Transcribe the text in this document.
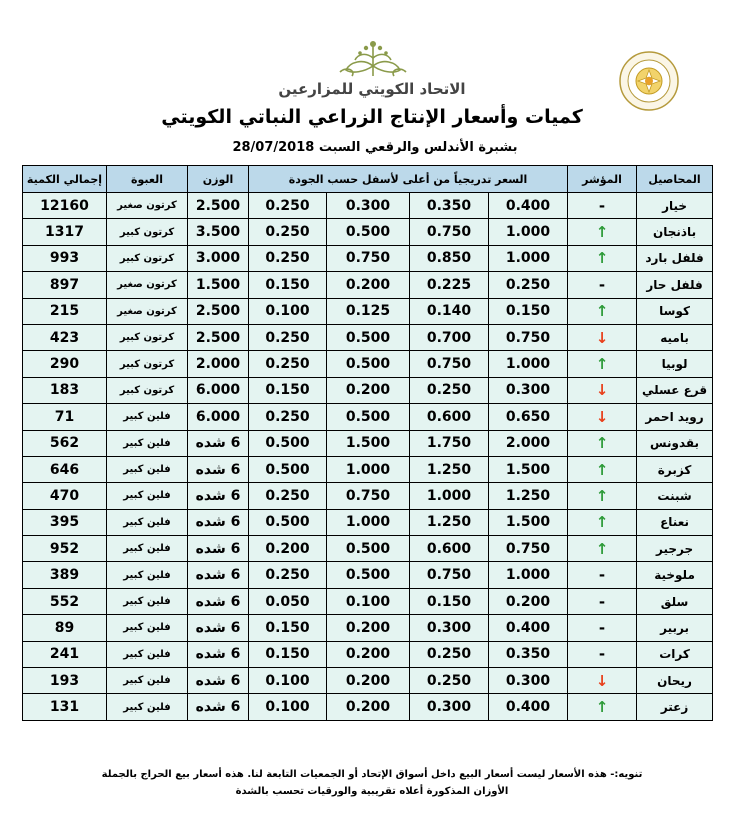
الاتحاد الكويتي للمزارعين
كميات وأسعار الإنتاج الزراعي النباتي الكويتي
28/07/2018 بشبرة الأندلس والرقعي السبت
إجمالي الكمية	العبوة	الوزن	السعر تدريجياً من أعلى لأسفل حسب الجودة				المؤشر	المحاصيل
12160	كرتون صغير	2.500	0.250	0.300	0.350	0.400	-	خيار
1317	كرتون كبير	3.500	0.250	0.500	0.750	1.000	↑	باذنجان
993	كرتون كبير	3.000	0.250	0.750	0.850	1.000	↑	فلفل بارد
897	كرتون صغير	1.500	0.150	0.200	0.225	0.250	-	فلفل حار
215	كرتون صغير	2.500	0.100	0.125	0.140	0.150	↑	كوسا
423	كرتون كبير	2.500	0.250	0.500	0.700	0.750	↓	باميه
290	كرتون كبير	2.000	0.250	0.500	0.750	1.000	↑	لوبيا
183	كرتون كبير	6.000	0.150	0.200	0.250	0.300	↓	قرع عسلي
71	فلين كبير	6.000	0.250	0.500	0.600	0.650	↓	رويد احمر
562	فلين كبير	6 شده	0.500	1.500	1.750	2.000	↑	بقدونس
646	فلين كبير	6 شده	0.500	1.000	1.250	1.500	↑	كزبرة
470	فلين كبير	6 شده	0.250	0.750	1.000	1.250	↑	شبنت
395	فلين كبير	6 شده	0.500	1.000	1.250	1.500	↑	نعناع
952	فلين كبير	6 شده	0.200	0.500	0.600	0.750	↑	جرجير
389	فلين كبير	6 شده	0.250	0.500	0.750	1.000	-	ملوخية
552	فلين كبير	6 شده	0.050	0.100	0.150	0.200	-	سلق
89	فلين كبير	6 شده	0.150	0.200	0.300	0.400	-	بربير
241	فلين كبير	6 شده	0.150	0.200	0.250	0.350	-	كرات
193	فلين كبير	6 شده	0.100	0.200	0.250	0.300	↓	ريحان
131	فلين كبير	6 شده	0.100	0.200	0.300	0.400	↑	زعتر
تنويه:- هذه الأسعار ليست أسعار البيع داخل أسواق الإتحاد أو الجمعيات التابعة لنا. هذه أسعار بيع الحراج بالجملة
الأوزان المذكورة أعلاه تقريبية والورقيات تحسب بالشدة
